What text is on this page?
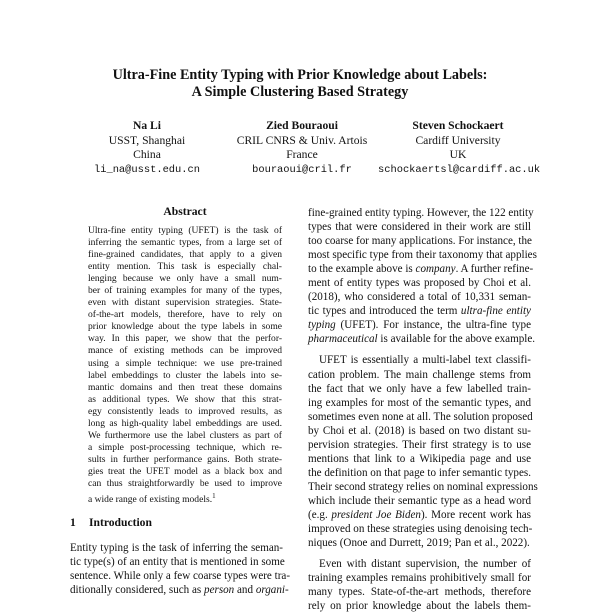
Ultra-Fine Entity Typing with Prior Knowledge about Labels:
A Simple Clustering Based Strategy
Na Li
USST, Shanghai
China
li_na@usst.edu.cn
Zied Bouraoui
CRIL CNRS & Univ. Artois
France
bouraoui@cril.fr
Steven Schockaert
Cardiff University
UK
schockaertsl@cardiff.ac.uk
Abstract
Ultra-fine entity typing (UFET) is the task of
inferring the semantic types, from a large set of
fine-grained candidates, that apply to a given
entity mention. This task is especially chal-
lenging because we only have a small num-
ber of training examples for many of the types,
even with distant supervision strategies. State-
of-the-art models, therefore, have to rely on
prior knowledge about the type labels in some
way. In this paper, we show that the perfor-
mance of existing methods can be improved
using a simple technique: we use pre-trained
label embeddings to cluster the labels into se-
mantic domains and then treat these domains
as additional types. We show that this strat-
egy consistently leads to improved results, as
long as high-quality label embeddings are used.
We furthermore use the label clusters as part of
a simple post-processing technique, which re-
sults in further performance gains. Both strate-
gies treat the UFET model as a black box and
can thus straightforwardly be used to improve
a wide range of existing models.$^1$
1 Introduction
Entity typing is the task of inferring the seman-
tic type(s) of an entity that is mentioned in some
sentence. While only a few coarse types were tra-
ditionally considered, such as person and organi-
fine-grained entity typing. However, the 122 entity
types that were considered in their work are still
too coarse for many applications. For instance, the
most specific type from their taxonomy that applies
to the example above is company. A further refine-
ment of entity types was proposed by Choi et al.
(2018), who considered a total of 10,331 seman-
tic types and introduced the term ultra-fine entity
typing (UFET). For instance, the ultra-fine type
pharmaceutical is available for the above example.
UFET is essentially a multi-label text classifi-
cation problem. The main challenge stems from
the fact that we only have a few labelled train-
ing examples for most of the semantic types, and
sometimes even none at all. The solution proposed
by Choi et al. (2018) is based on two distant su-
pervision strategies. Their first strategy is to use
mentions that link to a Wikipedia page and use
the definition on that page to infer semantic types.
Their second strategy relies on nominal expressions
which include their semantic type as a head word
(e.g. president Joe Biden). More recent work has
improved on these strategies using denoising tech-
niques (Onoe and Durrett, 2019; Pan et al., 2022).
Even with distant supervision, the number of
training examples remains prohibitively small for
many types. State-of-the-art methods, therefore
rely on prior knowledge about the labels them-
